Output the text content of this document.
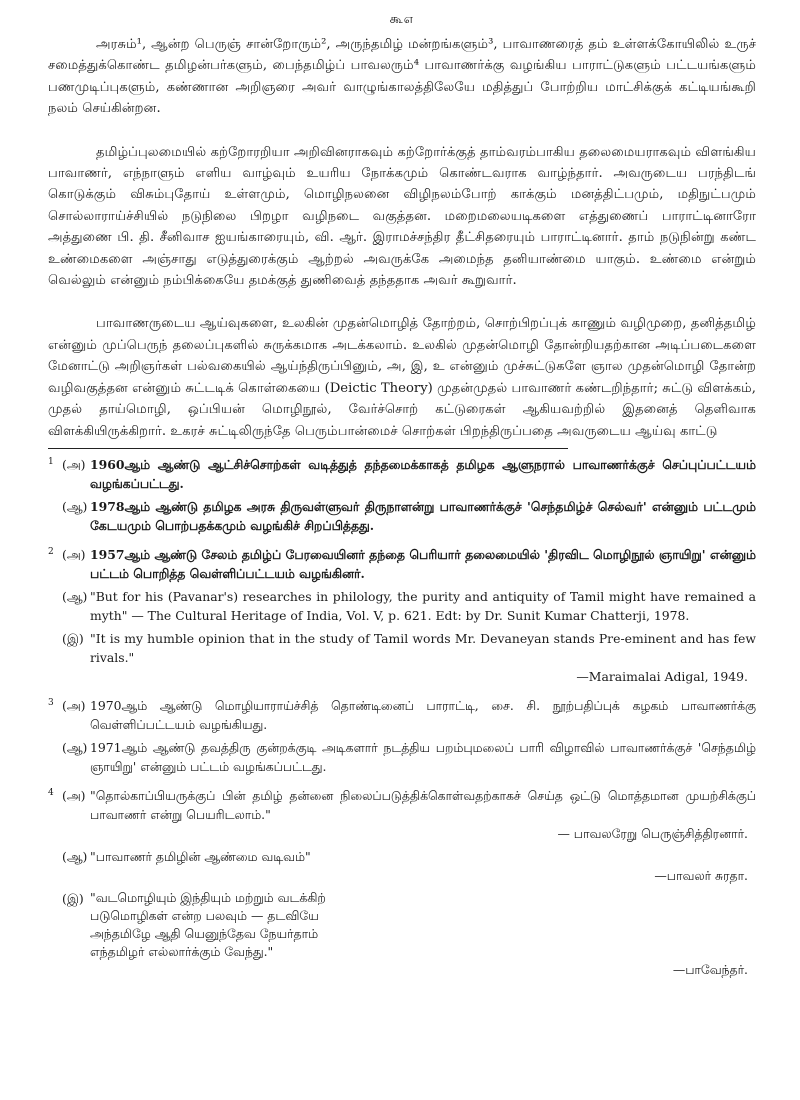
கூ௭

அரசும்¹, ஆன்ற பெருஞ் சான்றோரும்², அருந்தமிழ் மன்றங்களும்³, பாவாணரைத் தம் உள்ளக்கோயிலில் உருச் சமைத்துக்கொண்ட தமிழன்பர்களும், பைந்தமிழ்ப் பாவலரும்⁴ பாவாணர்க்கு வழங்கிய பாராட்டுகளும் பட்டயங்களும் பணமுடிப்புகளும், கண்ணான அறிஞரை அவர் வாழுங்காலத்திலேயே மதித்துப் போற்றிய மாட்சிக்குக் கட்டியங்கூறி நலம் செய்கின்றன.

தமிழ்ப்புலமையில் கற்றோரறியா அறிவினராகவும் கற்றோர்க்குத் தாம்வரம்பாகிய தலைமையராகவும் விளங்கிய பாவாணர், எந்நாளும் எளிய வாழ்வும் உயரிய நோக்கமும் கொண்டவராக வாழ்ந்தார். அவருடைய பரந்திடங் கொடுக்கும் விசும்புதோய் உள்ளமும், மொழிநலனை விழிநலம்போற் காக்கும் மனத்திட்பமும், மதிநுட்பமும் சொல்லாராய்ச்சியில் நடுநிலை பிறழா வழிநடை வகுத்தன. மறைமலையடிகளை எத்துணைப் பாராட்டினாரோ அத்துணை பி. தி. சீனிவாச ஐயங்காரையும், வி. ஆர். இராமச்சந்திர தீட்சிதரையும் பாராட்டினார். தாம் நடுநின்று கண்ட உண்மைகளை அஞ்சாது எடுத்துரைக்கும் ஆற்றல் அவருக்கே அமைந்த தனியாண்மை யாகும். உண்மை என்றும் வெல்லும் என்னும் நம்பிக்கையே தமக்குத் துணிவைத் தந்ததாக அவர் கூறுவார்.

பாவாணருடைய ஆய்வுகளை, உலகின் முதன்மொழித் தோற்றம், சொற்பிறப்புக் காணும் வழிமுறை, தனித்தமிழ் என்னும் முப்பெருந் தலைப்புகளில் சுருக்கமாக அடக்கலாம். உலகில் முதன்மொழி தோன்றியதற்கான அடிப்படைகளை மேனாட்டு அறிஞர்கள் பல்வகையில் ஆய்ந்திருப்பினும், அ, இ, உ என்னும் முச்சுட்டுகளே ஞால முதன்மொழி தோன்ற வழிவகுத்தன என்னும் சுட்டடிக் கொள்கையை (Deictic Theory) முதன்முதல் பாவாணர் கண்டறிந்தார்; சுட்டு விளக்கம், முதல் தாய்மொழி, ஒப்பியன் மொழிநூல், வேர்ச்சொற் கட்டுரைகள் ஆகியவற்றில் இதனைத் தெளிவாக விளக்கியிருக்கிறார். உகரச் சுட்டிலிருந்தே பெரும்பான்மைச் சொற்கள் பிறந்திருப்பதை அவருடைய ஆய்வு காட்டு

1 (அ) 1960ஆம் ஆண்டு ஆட்சிச்சொற்கள் வடித்துத் தந்தமைக்காகத் தமிழக ஆளுநரால் பாவாணர்க்குச் செப்புப்பட்டயம் வழங்கப்பட்டது.
(ஆ) 1978ஆம் ஆண்டு தமிழக அரசு திருவள்ளுவர் திருநாளன்று பாவாணர்க்குச் 'செந்தமிழ்ச் செல்வர்' என்னும் பட்டமும் கேடயமும் பொற்பதக்கமும் வழங்கிச் சிறப்பித்தது.
2 (அ) 1957ஆம் ஆண்டு சேலம் தமிழ்ப் பேரவையினர் தந்தை பெரியார் தலைமையில் 'திரவிட மொழிநூல் ஞாயிறு' என்னும் பட்டம் பொறித்த வெள்ளிப்பட்டயம் வழங்கினர்.
(ஆ) "But for his (Pavanar's) researches in philology, the purity and antiquity of Tamil might have remained a myth" — The Cultural Heritage of India, Vol. V, p. 621. Edt: by Dr. Sunit Kumar Chatterji, 1978.
(இ) "It is my humble opinion that in the study of Tamil words Mr. Devaneyan stands Pre-eminent and has few rivals."
—Maraimalai Adigal, 1949.
3 (அ) 1970ஆம் ஆண்டு மொழியாராய்ச்சித் தொண்டினைப் பாராட்டி, சை. சி. நூற்பதிப்புக் கழகம் பாவாணர்க்கு வெள்ளிப்பட்டயம் வழங்கியது.
(ஆ) 1971ஆம் ஆண்டு தவத்திரு குன்றக்குடி அடிகளார் நடத்திய பறம்புமலைப் பாரி விழாவில் பாவாணர்க்குச் 'செந்தமிழ் ஞாயிறு' என்னும் பட்டம் வழங்கப்பட்டது.
4 (அ) "தொல்காப்பியருக்குப் பின் தமிழ் தன்னை நிலைப்படுத்திக்கொள்வதற்காகச் செய்த ஒட்டு மொத்தமான முயற்சிக்குப் பாவாணர் என்று பெயரிடலாம்."
— பாவலரேறு பெருஞ்சித்திரனார்.
(ஆ) "பாவாணர் தமிழின் ஆண்மை வடிவம்"
—பாவலர் சுரதா.
(இ) "வடமொழியும் இந்தியும் மற்றும் வடக்கிற்
படுமொழிகள் என்ற பலவும் — தடவியே
அந்தமிழே ஆதி யெனுந்தேவ நேயர்தாம்
எந்தமிழர் எல்லார்க்கும் வேந்து."
—பாவேந்தர்.
